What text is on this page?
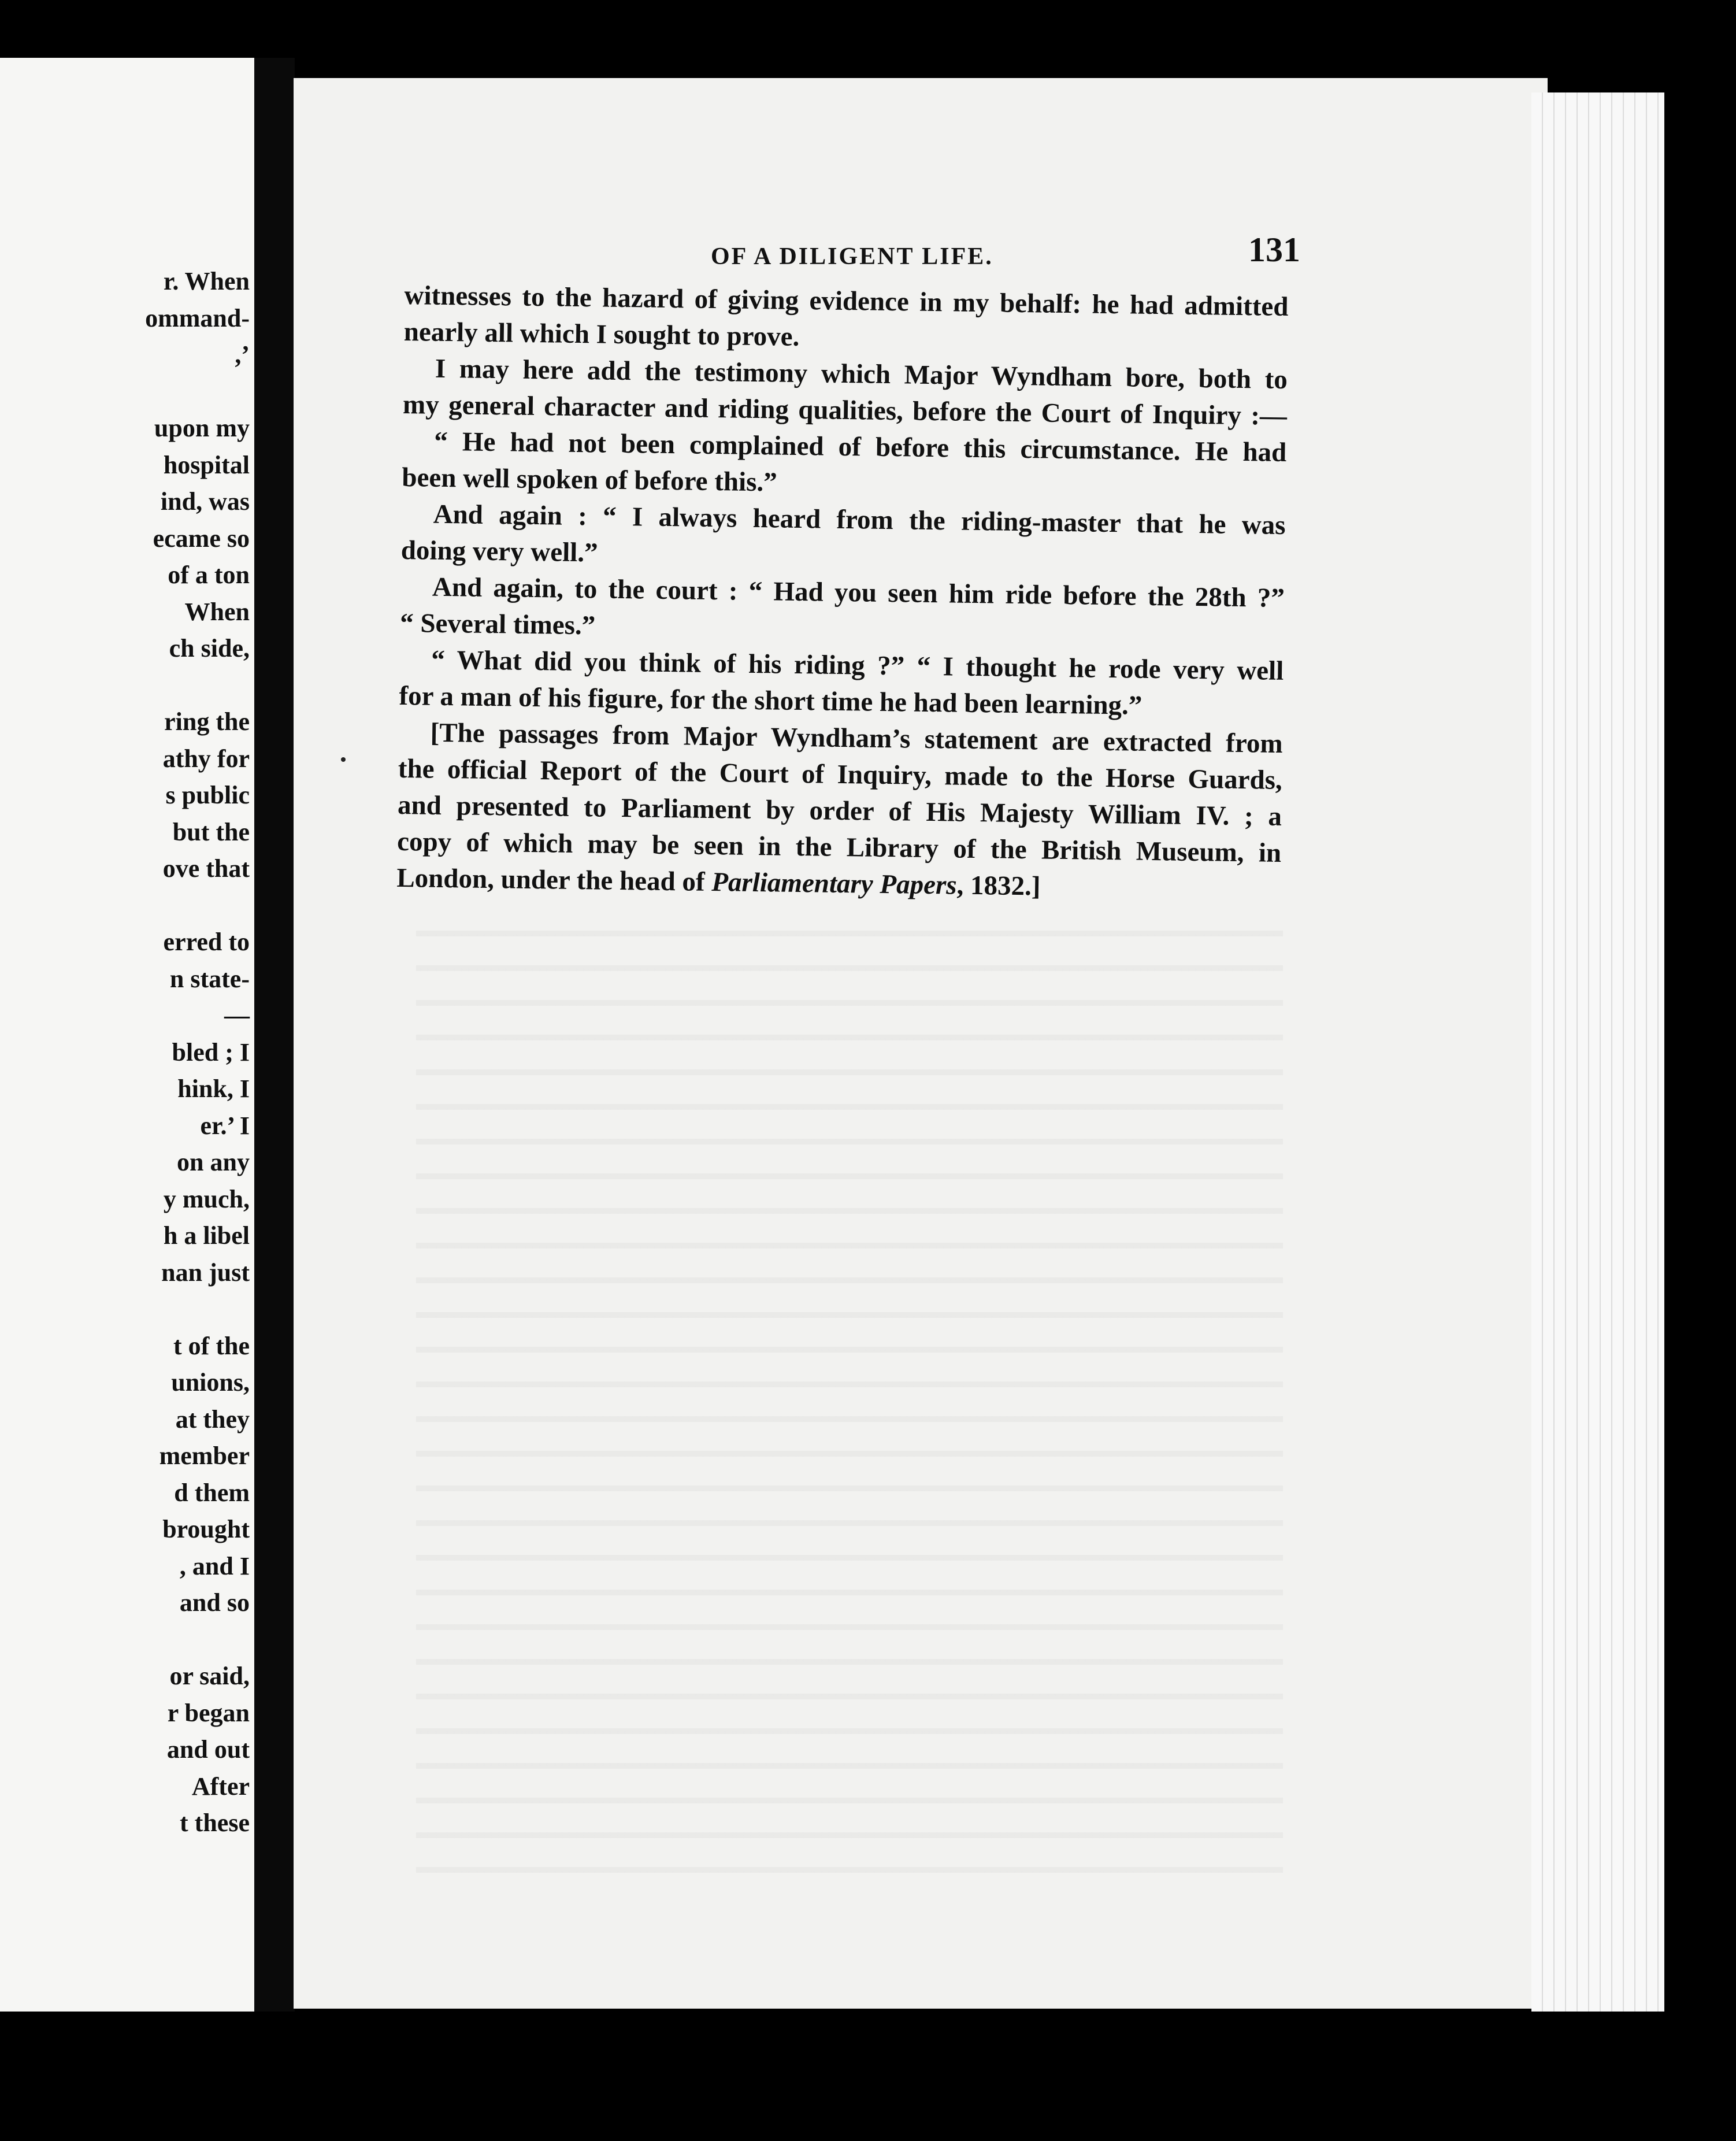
r. When
ommand-
,’
upon my
hospital
ind, was
ecame so
of a ton
When
ch side,
ring the
athy for
s public
but the
ove that
erred to
n state-
—
bled ; I
hink, I
er.’ I
on any
y much,
h a libel
nan just
t of the
unions,
at they
member
d them
brought
, and I
and so
or said,
r began
and out
After
t these
OF A DILIGENT LIFE.	131
witnesses to the hazard of giving evidence in my behalf: he had admitted
nearly all which I sought to prove.
I may here add the testimony which Major Wyndham bore, both to
my general character and riding qualities, before the Court of Inquiry :—
“ He had not been complained of before this circumstance. He had
been well spoken of before this.”
And again : “ I always heard from the riding-master that he was
doing very well.”
And again, to the court : “ Had you seen him ride before the 28th ?”
“ Several times.”
“ What did you think of his riding ?” “ I thought he rode very well
for a man of his figure, for the short time he had been learning.”
[The passages from Major Wyndham’s statement are extracted from
the official Report of the Court of Inquiry, made to the Horse Guards,
and presented to Parliament by order of His Majesty William IV. ; a
copy of which may be seen in the Library of the British Museum, in
London, under the head of Parliamentary Papers, 1832.]
